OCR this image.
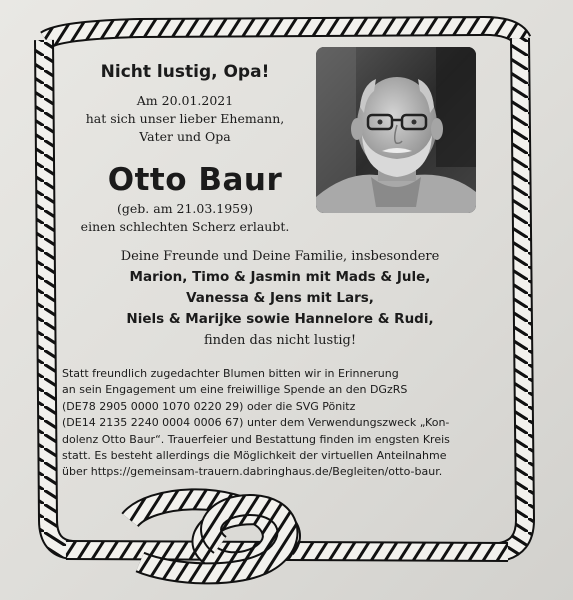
Nicht lustig, Opa!
Am 20.01.2021
hat sich unser lieber Ehemann,
Vater und Opa
Otto Baur
(geb. am 21.03.1959)
einen schlechten Scherz erlaubt.
Deine Freunde und Deine Familie, insbesondere
Marion, Timo & Jasmin mit Mads & Jule,
Vanessa & Jens mit Lars,
Niels & Marijke sowie Hannelore & Rudi,
finden das nicht lustig!
Statt freundlich zugedachter Blumen bitten wir in Erinnerung
an sein Engagement um eine freiwillige Spende an den DGzRS
(DE78 2905 0000 1070 0220 29) oder die SVG Pönitz
(DE14 2135 2240 0004 0006 67) unter dem Verwendungszweck „Kon-
dolenz Otto Baur“. Trauerfeier und Bestattung finden im engsten Kreis
statt. Es besteht allerdings die Möglichkeit der virtuellen Anteilnahme
über https://gemeinsam-trauern.dabringhaus.de/Begleiten/otto-baur.
